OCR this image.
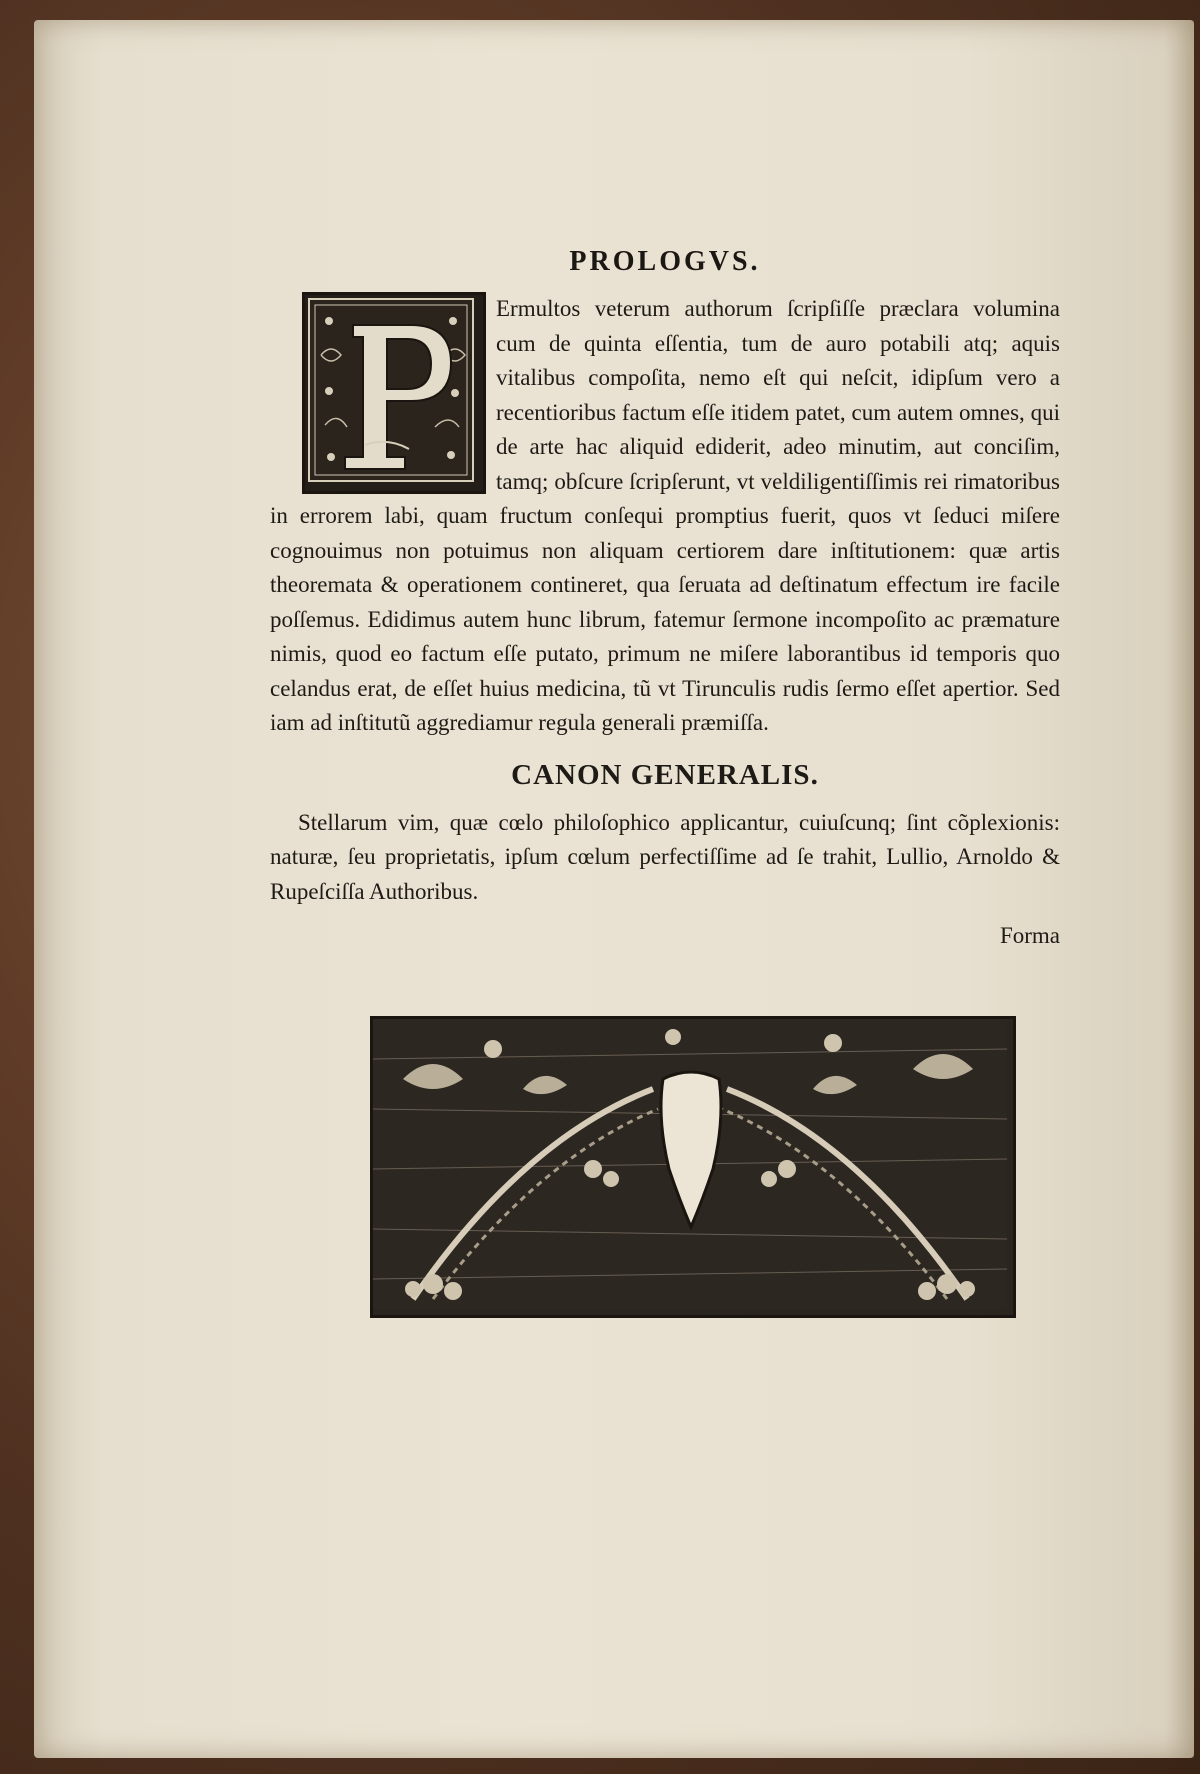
PROLOGVS.

Ermultos veterum authorum ſcripſiſſe præclara volumina cum de quinta eſſentia, tum de auro potabili atq; aquis vitalibus compoſita, nemo eſt qui neſcit, idipſum vero a recentioribus factum eſſe itidem patet, cum autem omnes, qui de arte hac aliquid ediderit, adeo minutim, aut conciſim, tamq; obſcure ſcripſerunt, vt veldiligentiſſimis rei rimatoribus in errorem labi, quam fructum conſequi promptius fuerit, quos vt ſeduci miſere cognouimus non potuimus non aliquam certiorem dare inſtitutionem: quæ artis theoremata & operationem contineret, qua ſeruata ad deſtinatum effectum ire facile poſſemus. Edidimus autem hunc librum, fatemur ſermone incompoſito ac præmature nimis, quod eo factum eſſe putato, primum ne miſere laborantibus id temporis quo celandus erat, de eſſet huius medicina, tũ vt Tirunculis rudis ſermo eſſet apertior. Sed iam ad inſtitutũ aggrediamur regula generali præmiſſa.

CANON GENERALIS.

Stellarum vim, quæ cœlo philoſophico applicantur, cuiuſcunq; ſint cõplexionis: naturæ, ſeu proprietatis, ipſum cœlum perfectiſſime ad ſe trahit, Lullio, Arnoldo & Rupeſciſſa Authoribus.

Forma
